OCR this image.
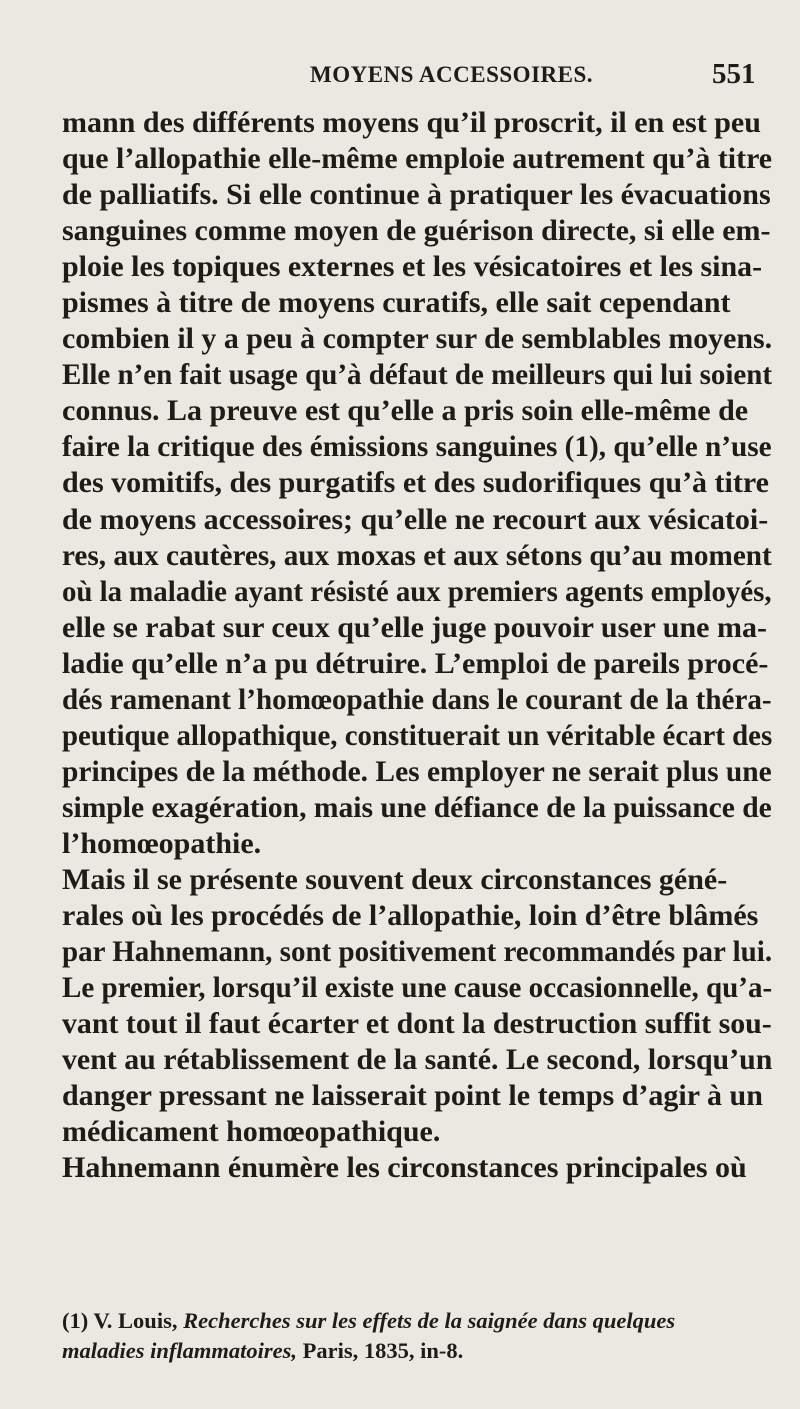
MOYENS ACCESSOIRES.	551
mann des différents moyens qu’il proscrit, il en est peu
que l’allopathie elle-même emploie autrement qu’à titre
de palliatifs. Si elle continue à pratiquer les évacuations
sanguines comme moyen de guérison directe, si elle em-
ploie les topiques externes et les vésicatoires et les sina-
pismes à titre de moyens curatifs, elle sait cependant
combien il y a peu à compter sur de semblables moyens.
Elle n’en fait usage qu’à défaut de meilleurs qui lui soient
connus. La preuve est qu’elle a pris soin elle-même de
faire la critique des émissions sanguines (1), qu’elle n’use
des vomitifs, des purgatifs et des sudorifiques qu’à titre
de moyens accessoires; qu’elle ne recourt aux vésicatoi-
res, aux cautères, aux moxas et aux sétons qu’au moment
où la maladie ayant résisté aux premiers agents employés,
elle se rabat sur ceux qu’elle juge pouvoir user une ma-
ladie qu’elle n’a pu détruire. L’emploi de pareils procé-
dés ramenant l’homœopathie dans le courant de la théra-
peutique allopathique, constituerait un véritable écart des
principes de la méthode. Les employer ne serait plus une
simple exagération, mais une défiance de la puissance de
l’homœopathie.
Mais il se présente souvent deux circonstances géné-
rales où les procédés de l’allopathie, loin d’être blâmés
par Hahnemann, sont positivement recommandés par lui.
Le premier, lorsqu’il existe une cause occasionnelle, qu’a-
vant tout il faut écarter et dont la destruction suffit sou-
vent au rétablissement de la santé. Le second, lorsqu’un
danger pressant ne laisserait point le temps d’agir à un
médicament homœopathique.
Hahnemann énumère les circonstances principales où
(1) V. Louis, Recherches sur les effets de la saignée dans quelques
maladies inflammatoires, Paris, 1835, in-8.
